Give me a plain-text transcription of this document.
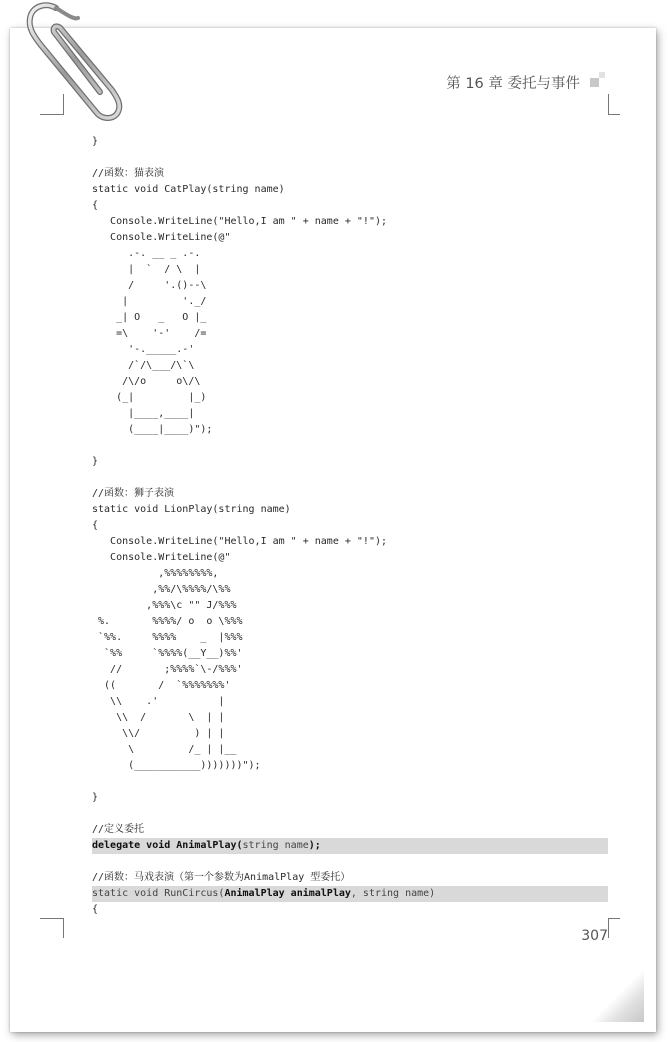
第 16 章 委托与事件
}

//函数：猫表演
static void CatPlay(string name)
{
Console.WriteLine("Hello,I am " + name + "!");
Console.WriteLine(@"
.-. __ _ .-.
|  `  / \  |
/     '.()--\
|         '._/
_| O   _   O |_
=\    '-'    /=
'-._____.-'
/`/\___/\`\
/\/o     o\/\
(_|         |_)
|____,____|
(____|____)");

}

//函数：狮子表演
static void LionPlay(string name)
{
Console.WriteLine("Hello,I am " + name + "!");
Console.WriteLine(@"
,%%%%%%%%,
,%%/\%%%%/\%%
,%%%\c "" J/%%%
%.       %%%%/ o  o \%%%
`%%.     %%%%    _  |%%%
`%%     `%%%%(__Y__)%%'
//       ;%%%%`\-/%%%'
((       /  `%%%%%%%'
\\    .'          |
\\  /       \  | |
\\/         ) | |
\         /_ | |__
(___________)))))))");

}

//定义委托
delegate void AnimalPlay(string name);

//函数：马戏表演（第一个参数为AnimalPlay 型委托）
static void RunCircus(AnimalPlay animalPlay, string name)
{
307
